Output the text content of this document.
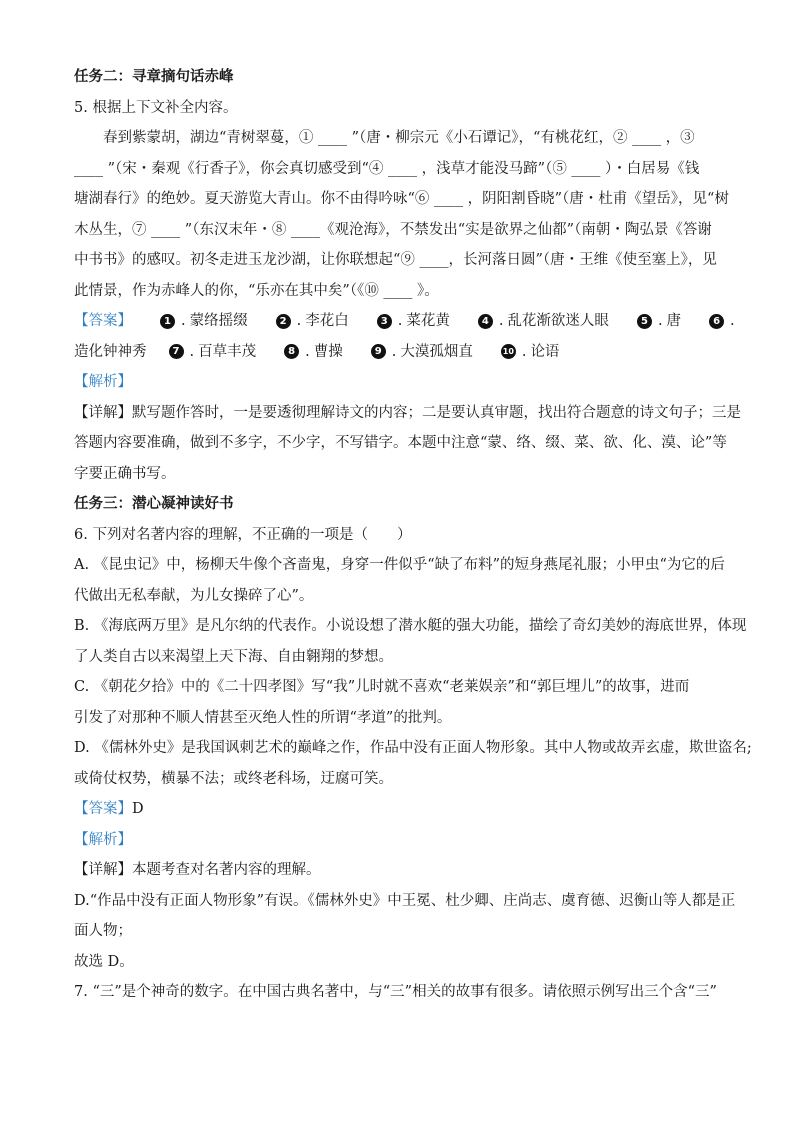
任务二：寻章摘句话赤峰
5. 根据上下文补全内容。
春到紫蒙胡，湖边“青树翠蔓，① ____ ”（唐・柳宗元《小石谭记》，“有桃花红，② ____ ，③
____ ”（宋・秦观《行香子》，你会真切感受到“④ ____ ，浅草才能没马蹄”（⑤ ____ ）・白居易《钱
塘湖春行》的绝妙。夏天游览大青山。你不由得吟咏“⑥ ____ ，阴阳割昏晓”（唐・杜甫《望岳》，见“树
木丛生，⑦ ____ ”（东汉末年・⑧ ____《观沧海》，不禁发出“实是欲界之仙都”（南朝・陶弘景《答谢
中书书》的感叹。初冬走进玉龙沙湖，让你联想起“⑨ ____，长河落日圆”（唐・王维《使至塞上》，见
此情景，作为赤峰人的你，“乐亦在其中矣”（《⑩ ____ 》。
【答案】	1 . 蒙络摇缀	2 . 李花白	3 . 菜花黄	4 . 乱花渐欲迷人眼	5 . 唐	6 .
造化钟神秀	7 . 百草丰茂	8 . 曹操	9 . 大漠孤烟直	10 . 论语
【解析】
【详解】默写题作答时，一是要透彻理解诗文的内容；二是要认真审题，找出符合题意的诗文句子；三是
答题内容要准确，做到不多字，不少字，不写错字。本题中注意“蒙、络、缀、菜、欲、化、漠、论”等
字要正确书写。
任务三：潜心凝神读好书
6. 下列对名著内容的理解，不正确的一项是（　　）
A. 《昆虫记》中，杨柳天牛像个吝啬鬼，身穿一件似乎“缺了布料”的短身燕尾礼服；小甲虫“为它的后
代做出无私奉献，为儿女操碎了心”。
B. 《海底两万里》是凡尔纳的代表作。小说设想了潜水艇的强大功能，描绘了奇幻美妙的海底世界，体现
了人类自古以来渴望上天下海、自由翱翔的梦想。
C. 《朝花夕拾》中的《二十四孝图》写“我”儿时就不喜欢“老莱娱亲”和“郭巨埋儿”的故事，进而
引发了对那种不顺人情甚至灭绝人性的所谓“孝道”的批判。
D. 《儒林外史》是我国讽刺艺术的巅峰之作，作品中没有正面人物形象。其中人物或故弄玄虚，欺世盗名;
或倚仗权势，横暴不法；或终老科场，迂腐可笑。
【答案】D
【解析】
【详解】本题考查对名著内容的理解。
D.“作品中没有正面人物形象”有误。《儒林外史》中王冕、杜少卿、庄尚志、虞育德、迟衡山等人都是正
面人物；
故选 D。
7. “三”是个神奇的数字。在中国古典名著中，与“三”相关的故事有很多。请依照示例写出三个含“三”
